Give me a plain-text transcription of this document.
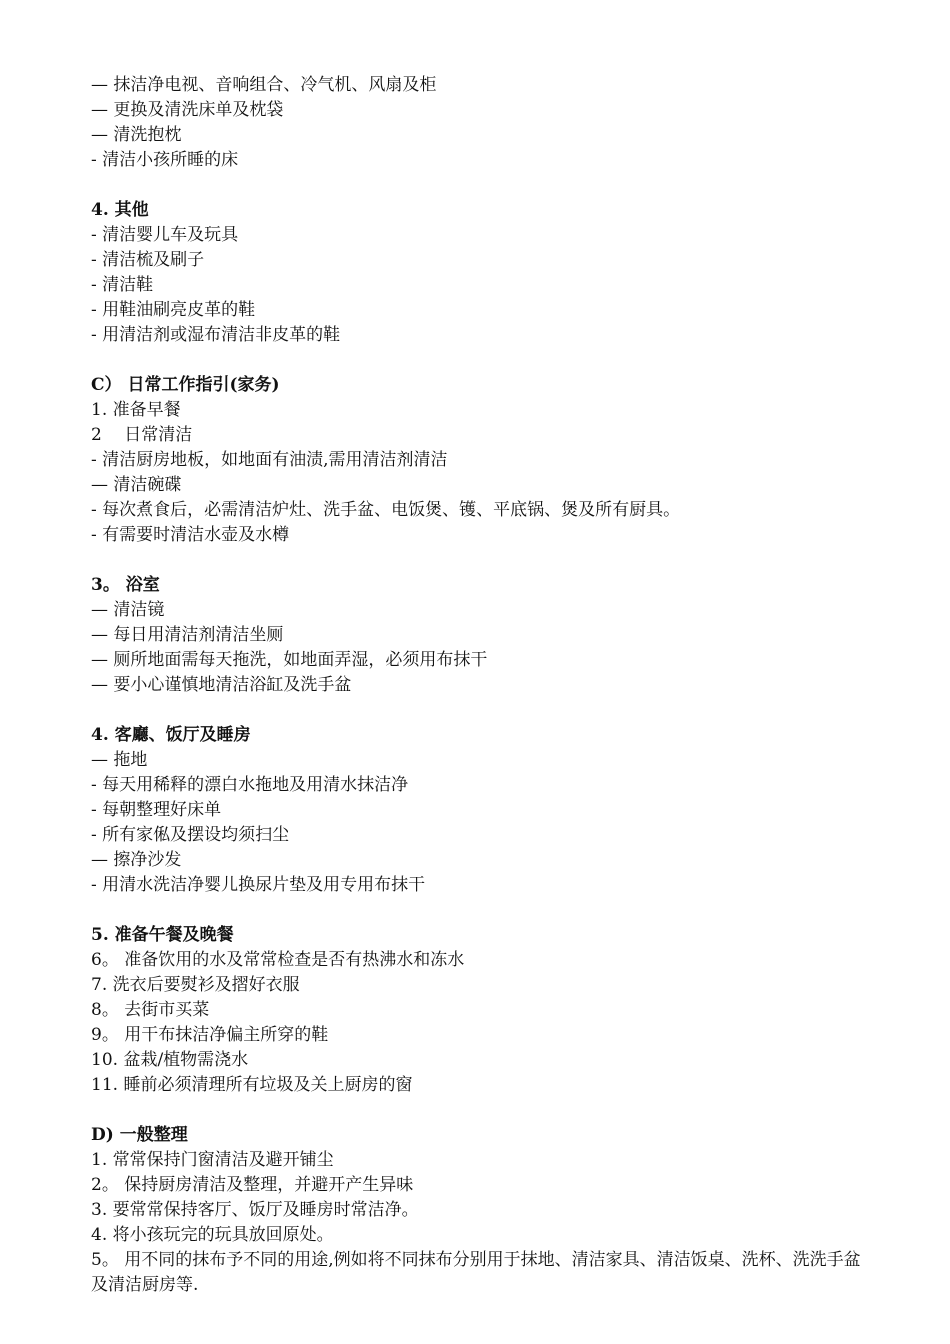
— 抹洁净电视、音响组合、冷气机、风扇及柜
— 更换及清洗床单及枕袋
— 清洗抱枕
- 清洁小孩所睡的床
4. 其他
- 清洁婴儿车及玩具
- 清洁梳及刷子
- 清洁鞋
- 用鞋油刷亮皮革的鞋
- 用清洁剂或湿布清洁非皮革的鞋
C） 日常工作指引(家务)
1. 准备早餐
2　 日常清洁
- 清洁厨房地板，如地面有油渍,需用清洁剂清洁
— 清洁碗碟
- 每次煮食后，必需清洁炉灶、洗手盆、电饭煲、镬、平底锅、煲及所有厨具。
- 有需要时清洁水壶及水樽
3。 浴室
— 清洁镜
— 每日用清洁剂清洁坐厕
— 厕所地面需每天拖洗，如地面弄湿，必须用布抹干
— 要小心谨慎地清洁浴缸及洗手盆
4. 客廳、饭厅及睡房
— 拖地
- 每天用稀释的漂白水拖地及用清水抹洁净
- 每朝整理好床单
- 所有家俬及摆设均须扫尘
— 擦净沙发
- 用清水洗洁净婴儿换尿片垫及用专用布抹干
5. 准备午餐及晚餐
6。 准备饮用的水及常常检查是否有热沸水和冻水
7. 洗衣后要熨衫及摺好衣服
8。 去街市买菜
9。 用干布抹洁净偏主所穿的鞋
10. 盆栽/植物需浇水
11. 睡前必须清理所有垃圾及关上厨房的窗
D) 一般整理
1. 常常保持门窗清洁及避开铺尘
2。 保持厨房清洁及整理，并避开产生异味
3. 要常常保持客厅、饭厅及睡房时常洁净。
4. 将小孩玩完的玩具放回原处。
5。 用不同的抹布予不同的用途,例如将不同抹布分别用于抹地、清洁家具、清洁饭桌、洗杯、洗洗手盆及清洁厨房等.
